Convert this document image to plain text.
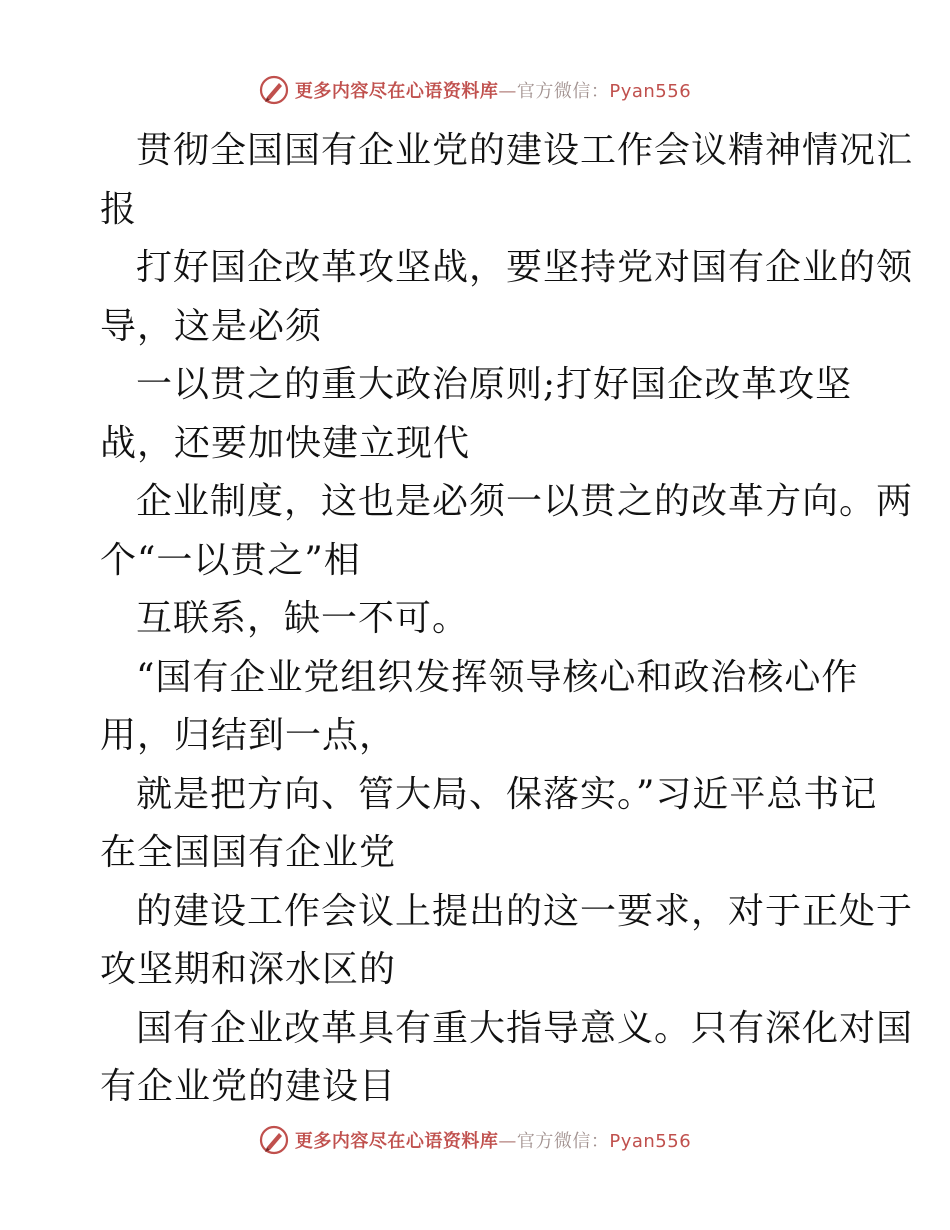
更多内容尽在心语资料库—官方微信：Pyan556
贯彻全国国有企业党的建设工作会议精神情况汇
报
打好国企改革攻坚战，要坚持党对国有企业的领
导，这是必须
一以贯之的重大政治原则;打好国企改革攻坚
战，还要加快建立现代
企业制度，这也是必须一以贯之的改革方向。两
个“一以贯之”相
互联系，缺一不可。
“国有企业党组织发挥领导核心和政治核心作
用，归结到一点，
就是把方向、管大局、保落实。”习近平总书记
在全国国有企业党
的建设工作会议上提出的这一要求，对于正处于
攻坚期和深水区的
国有企业改革具有重大指导意义。只有深化对国
有企业党的建设目
更多内容尽在心语资料库—官方微信：Pyan556
